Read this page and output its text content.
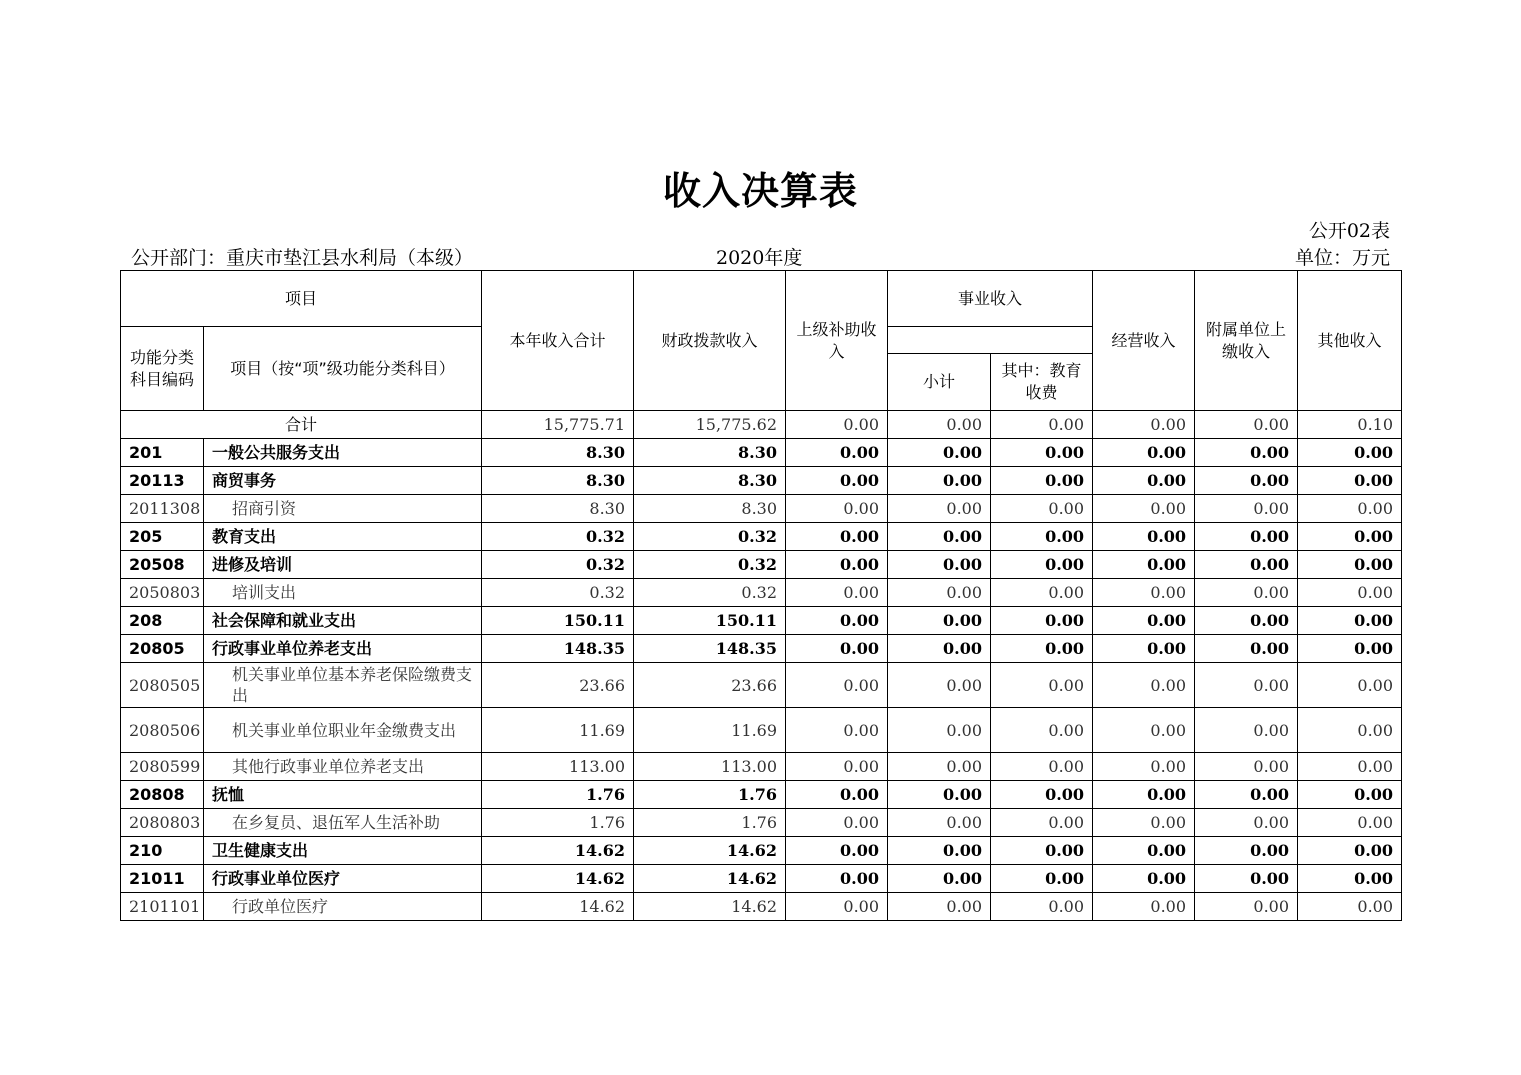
收入决算表
公开02表
公开部门：重庆市垫江县水利局（本级）	2020年度	单位：万元
项目		本年收入合计	财政拨款收入	上级补助收入	事业收入		经营收入	附属单位上缴收入	其他收入
功能分类科目编码	项目（按“项”级功能分类科目）								
					小计	其中：教育收费			
合计		15,775.71	15,775.62	0.00	0.00	0.00	0.00	0.00	0.10
201	一般公共服务支出	8.30	8.30	0.00	0.00	0.00	0.00	0.00	0.00
20113	商贸事务	8.30	8.30	0.00	0.00	0.00	0.00	0.00	0.00
2011308	招商引资	8.30	8.30	0.00	0.00	0.00	0.00	0.00	0.00
205	教育支出	0.32	0.32	0.00	0.00	0.00	0.00	0.00	0.00
20508	进修及培训	0.32	0.32	0.00	0.00	0.00	0.00	0.00	0.00
2050803	培训支出	0.32	0.32	0.00	0.00	0.00	0.00	0.00	0.00
208	社会保障和就业支出	150.11	150.11	0.00	0.00	0.00	0.00	0.00	0.00
20805	行政事业单位养老支出	148.35	148.35	0.00	0.00	0.00	0.00	0.00	0.00
2080505	机关事业单位基本养老保险缴费支出	23.66	23.66	0.00	0.00	0.00	0.00	0.00	0.00
2080506	机关事业单位职业年金缴费支出	11.69	11.69	0.00	0.00	0.00	0.00	0.00	0.00
2080599	其他行政事业单位养老支出	113.00	113.00	0.00	0.00	0.00	0.00	0.00	0.00
20808	抚恤	1.76	1.76	0.00	0.00	0.00	0.00	0.00	0.00
2080803	在乡复员、退伍军人生活补助	1.76	1.76	0.00	0.00	0.00	0.00	0.00	0.00
210	卫生健康支出	14.62	14.62	0.00	0.00	0.00	0.00	0.00	0.00
21011	行政事业单位医疗	14.62	14.62	0.00	0.00	0.00	0.00	0.00	0.00
2101101	行政单位医疗	14.62	14.62	0.00	0.00	0.00	0.00	0.00	0.00
